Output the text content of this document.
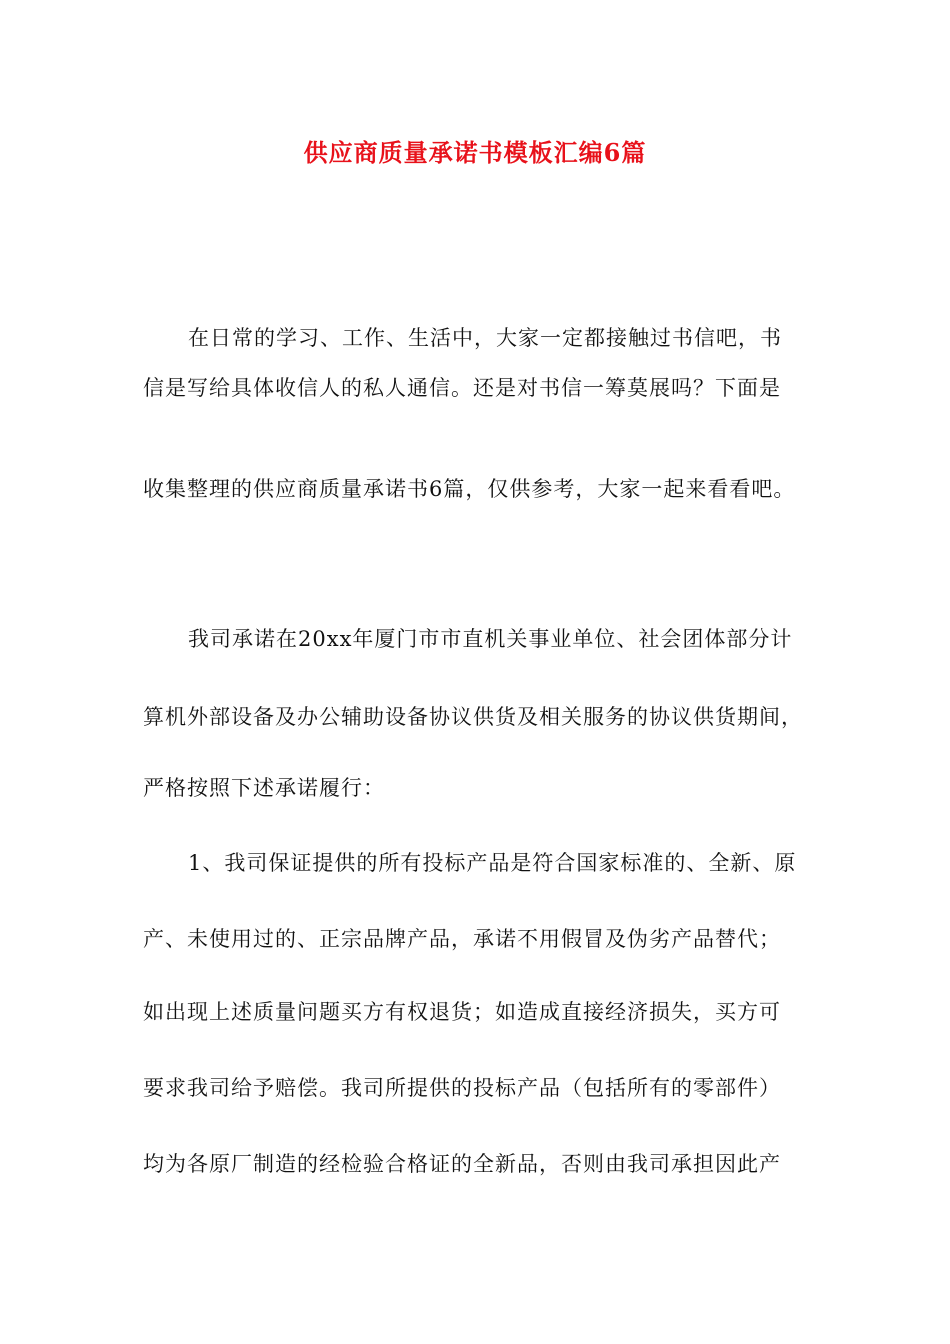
供应商质量承诺书模板汇编6篇
在日常的学习、工作、生活中，大家一定都接触过书信吧，书
信是写给具体收信人的私人通信。还是对书信一筹莫展吗？下面是
收集整理的供应商质量承诺书6篇，仅供参考，大家一起来看看吧。
我司承诺在20xx年厦门市市直机关事业单位、社会团体部分计
算机外部设备及办公辅助设备协议供货及相关服务的协议供货期间，
严格按照下述承诺履行：
1、我司保证提供的所有投标产品是符合国家标准的、全新、原
产、未使用过的、正宗品牌产品，承诺不用假冒及伪劣产品替代；
如出现上述质量问题买方有权退货；如造成直接经济损失，买方可
要求我司给予赔偿。我司所提供的投标产品（包括所有的零部件）
均为各原厂制造的经检验合格证的全新品，否则由我司承担因此产
